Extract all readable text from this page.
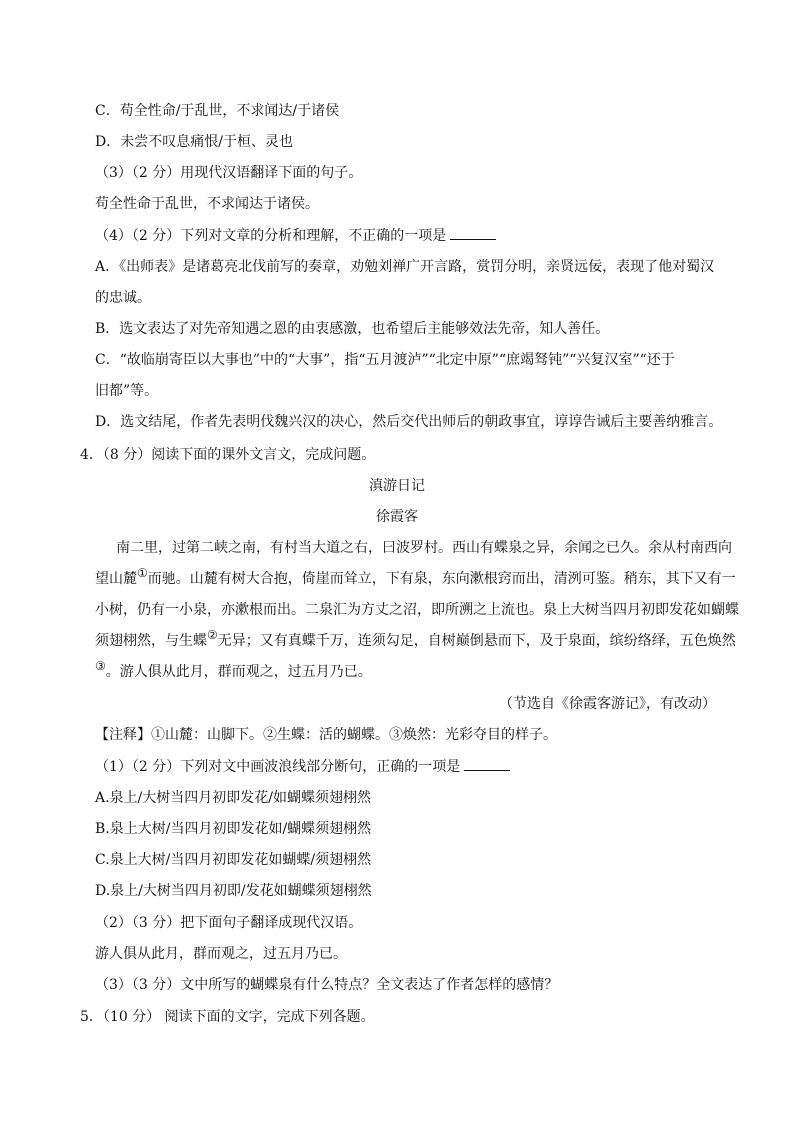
C．苟全性命/于乱世，不求闻达/于诸侯
D．未尝不叹息痛恨/于桓、灵也
（3）（2 分）用现代汉语翻译下面的句子。
苟全性命于乱世，不求闻达于诸侯。
（4）（2 分）下列对文章的分析和理解，不正确的一项是
A．《出师表》是诸葛亮北伐前写的奏章，劝勉刘禅广开言路，赏罚分明，亲贤远佞，表现了他对蜀汉
的忠诚。
B．选文表达了对先帝知遇之恩的由衷感激，也希望后主能够效法先帝，知人善任。
C．“故临崩寄臣以大事也”中的“大事”，指“五月渡泸”“北定中原”“庶竭驽钝”“兴复汉室”“还于
旧都”等。
D．选文结尾，作者先表明伐魏兴汉的决心，然后交代出师后的朝政事宜，谆谆告诫后主要善纳雅言。
4．（8 分）阅读下面的课外文言文，完成问题。
滇游日记
徐霞客
南二里，过第二峡之南，有村当大道之右，曰波罗村。西山有蝶泉之异，余闻之已久。余从村南西向
望山麓①而驰。山麓有树大合抱，倚崖而耸立，下有泉，东向漱根窍而出，清洌可鉴。稍东，其下又有一
小树，仍有一小泉，亦漱根而出。二泉汇为方丈之沼，即所溯之上流也。泉上大树当四月初即发花如蝴蝶
须翅栩然，与生蝶②无异；又有真蝶千万，连须勾足，自树巅倒悬而下，及于泉面，缤纷络绎，五色焕然
③。游人俱从此月，群而观之，过五月乃已。
（节选自《徐霞客游记》，有改动）
【注释】①山麓：山脚下。②生蝶：活的蝴蝶。③焕然：光彩夺目的样子。
（1）（2 分）下列对文中画波浪线部分断句，正确的一项是
A.泉上/大树当四月初即发花/如蝴蝶须翅栩然
B.泉上大树/当四月初即发花如/蝴蝶须翅栩然
C.泉上大树/当四月初即发花如蝴蝶/须翅栩然
D.泉上/大树当四月初即/发花如蝴蝶须翅栩然
（2）（3 分）把下面句子翻译成现代汉语。
游人俱从此月，群而观之，过五月乃已。
（3）（3 分）文中所写的蝴蝶泉有什么特点？全文表达了作者怎样的感情？
5．（10 分） 阅读下面的文字，完成下列各题。
